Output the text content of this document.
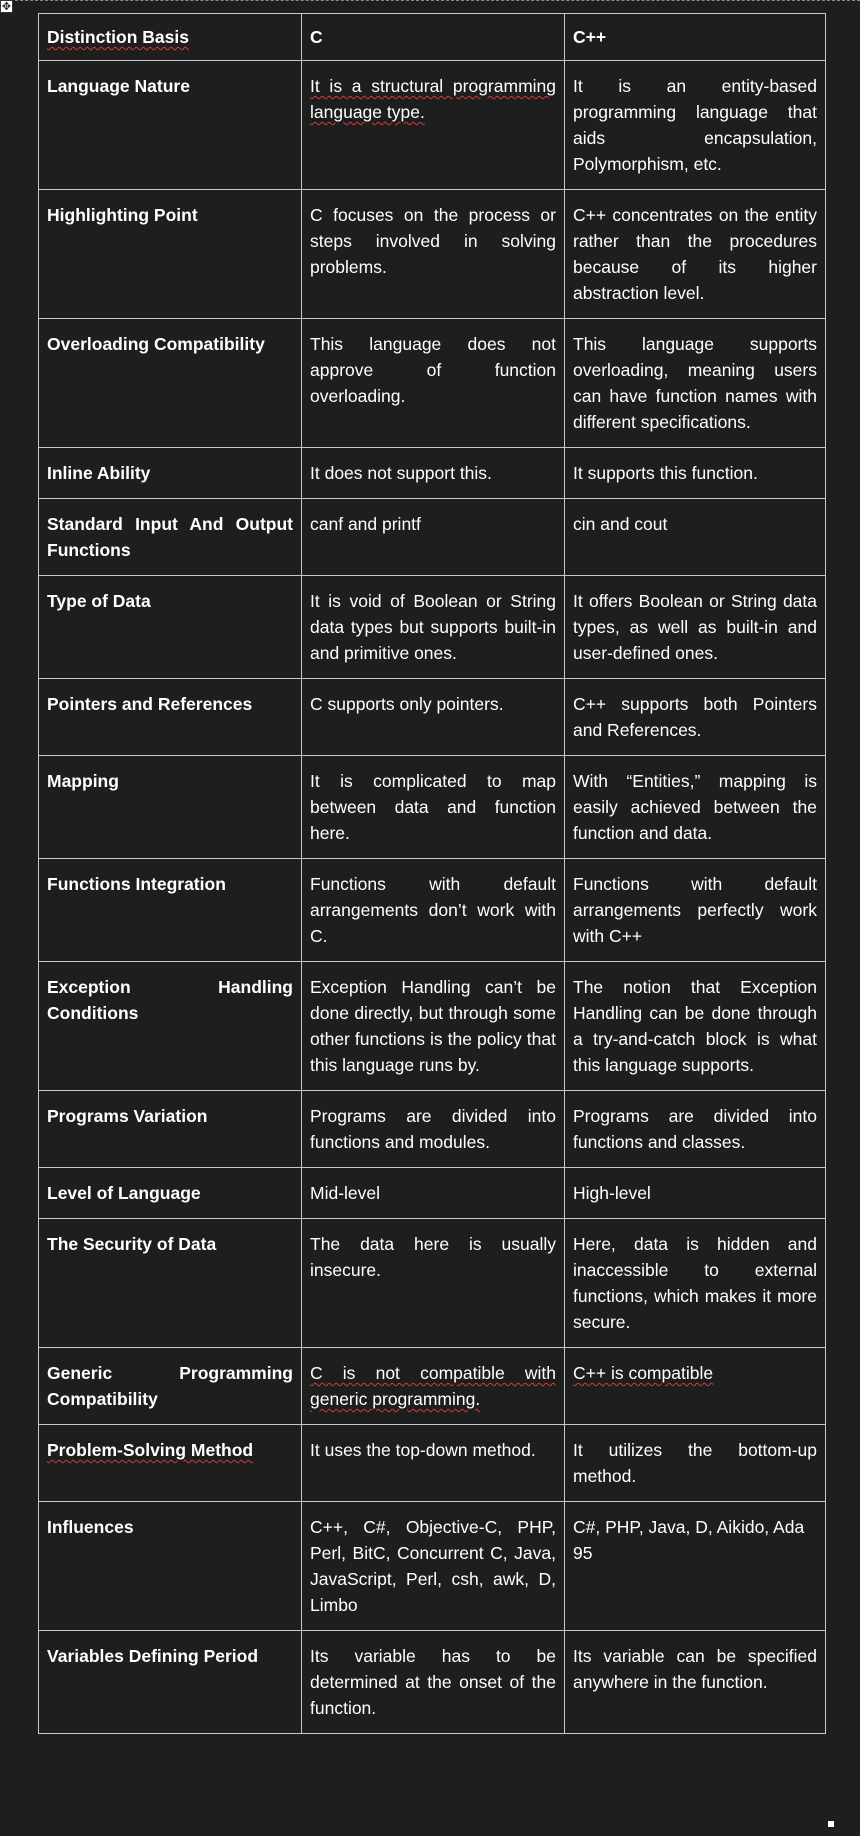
✥
Distinction Basis	C	C++
Language Nature	It is a structural programming language type.	It is an entity-based programming language that aids encapsulation, Polymorphism, etc.
Highlighting Point	C focuses on the process or steps involved in solving problems.	C++ concentrates on the entity rather than the procedures because of its higher abstraction level.
Overloading Compatibility	This language does not approve of function overloading.	This language supports overloading, meaning users can have function names with different specifications.
Inline Ability	It does not support this.	It supports this function.
Standard Input And Output Functions	canf and printf	cin and cout
Type of Data	It is void of Boolean or String data types but supports built-in and primitive ones.	It offers Boolean or String data types, as well as built-in and user-defined ones.
Pointers and References	C supports only pointers.	C++ supports both Pointers and References.
Mapping	It is complicated to map between data and function here.	With “Entities,” mapping is easily achieved between the function and data.
Functions Integration	Functions with default arrangements don’t work with C.	Functions with default arrangements perfectly work with C++
Exception Handling Conditions	Exception Handling can’t be done directly, but through some other functions is the policy that this language runs by.	The notion that Exception Handling can be done through a try-and-catch block is what this language supports.
Programs Variation	Programs are divided into functions and modules.	Programs are divided into functions and classes.
Level of Language	Mid-level	High-level
The Security of Data	The data here is usually insecure.	Here, data is hidden and inaccessible to external functions, which makes it more secure.
Generic Programming Compatibility	C is not compatible with generic programming.	C++ is compatible
Problem-Solving Method	It uses the top-down method.	It utilizes the bottom-up method.
Influences	C++, C#, Objective-C, PHP, Perl, BitC, Concurrent C, Java, JavaScript, Perl, csh, awk, D, Limbo	C#, PHP, Java, D, Aikido, Ada 95
Variables Defining Period	Its variable has to be determined at the onset of the function.	Its variable can be specified anywhere in the function.
